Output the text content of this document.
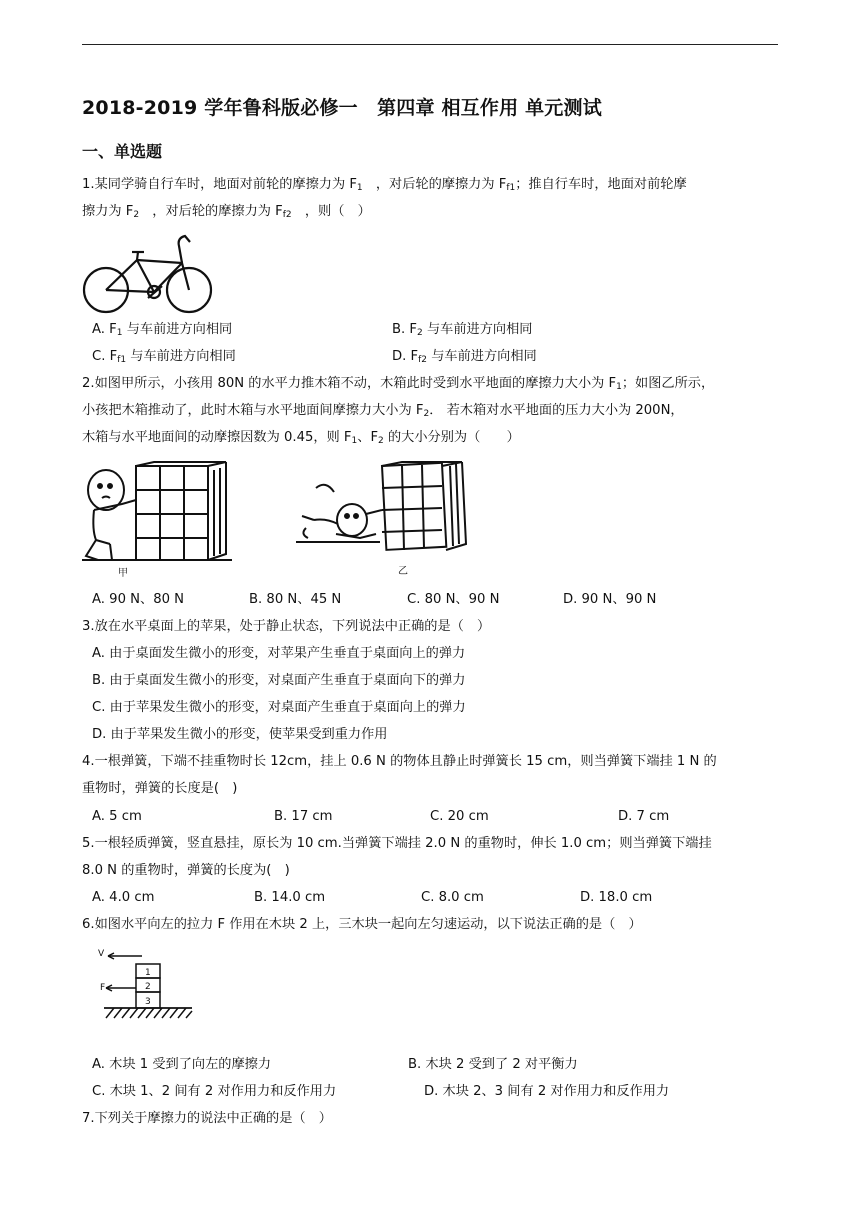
2018-2019 学年鲁科版必修一　第四章 相互作用 单元测试
一、单选题
1.某同学骑自行车时，地面对前轮的摩擦力为 $F_1$　，对后轮的摩擦力为 $F_{f1}$；推自行车时，地面对前轮摩
擦力为 $F_2$　，对后轮的摩擦力为 $F_{f2}$　，则（　）
A. $F_1$ 与车前进方向相同	B. $F_2$ 与车前进方向相同
C. $F_{f1}$ 与车前进方向相同	D. $F_{f2}$ 与车前进方向相同
2.如图甲所示，小孩用 80N 的水平力推木箱不动，木箱此时受到水平地面的摩擦力大小为 $F_1$；如图乙所示，
小孩把木箱推动了，此时木箱与水平地面间摩擦力大小为 $F_2$． 若木箱对水平地面的压力大小为 200N，
木箱与水平地面间的动摩擦因数为 0.45，则 $F_1$、$F_2$ 的大小分别为（　　）
甲	乙
A. 90 N、80 N	B. 80 N、45 N	C. 80 N、90 N	D. 90 N、90 N
3.放在水平桌面上的苹果，处于静止状态，下列说法中正确的是（　）
A. 由于桌面发生微小的形变，对苹果产生垂直于桌面向上的弹力
B. 由于桌面发生微小的形变，对桌面产生垂直于桌面向下的弹力
C. 由于苹果发生微小的形变，对桌面产生垂直于桌面向上的弹力
D. 由于苹果发生微小的形变，使苹果受到重力作用
4.一根弹簧，下端不挂重物时长 12cm，挂上 0.6 N 的物体且静止时弹簧长 15 cm，则当弹簧下端挂 1 N 的
重物时，弹簧的长度是(　)
A. 5 cm	B. 17 cm	C. 20 cm	D. 7 cm
5.一根轻质弹簧，竖直悬挂，原长为 10 cm.当弹簧下端挂 2.0 N 的重物时，伸长 1.0 cm；则当弹簧下端挂
8.0 N 的重物时，弹簧的长度为(　)
A. 4.0 cm	B. 14.0 cm	C. 8.0 cm	D. 18.0 cm
6.如图水平向左的拉力 F 作用在木块 2 上，三木块一起向左匀速运动，以下说法正确的是（　）
V
F
1
2
3
A. 木块 1 受到了向左的摩擦力	B. 木块 2 受到了 2 对平衡力
C. 木块 1、2 间有 2 对作用力和反作用力	D. 木块 2、3 间有 2 对作用力和反作用力
7.下列关于摩擦力的说法中正确的是（　）
